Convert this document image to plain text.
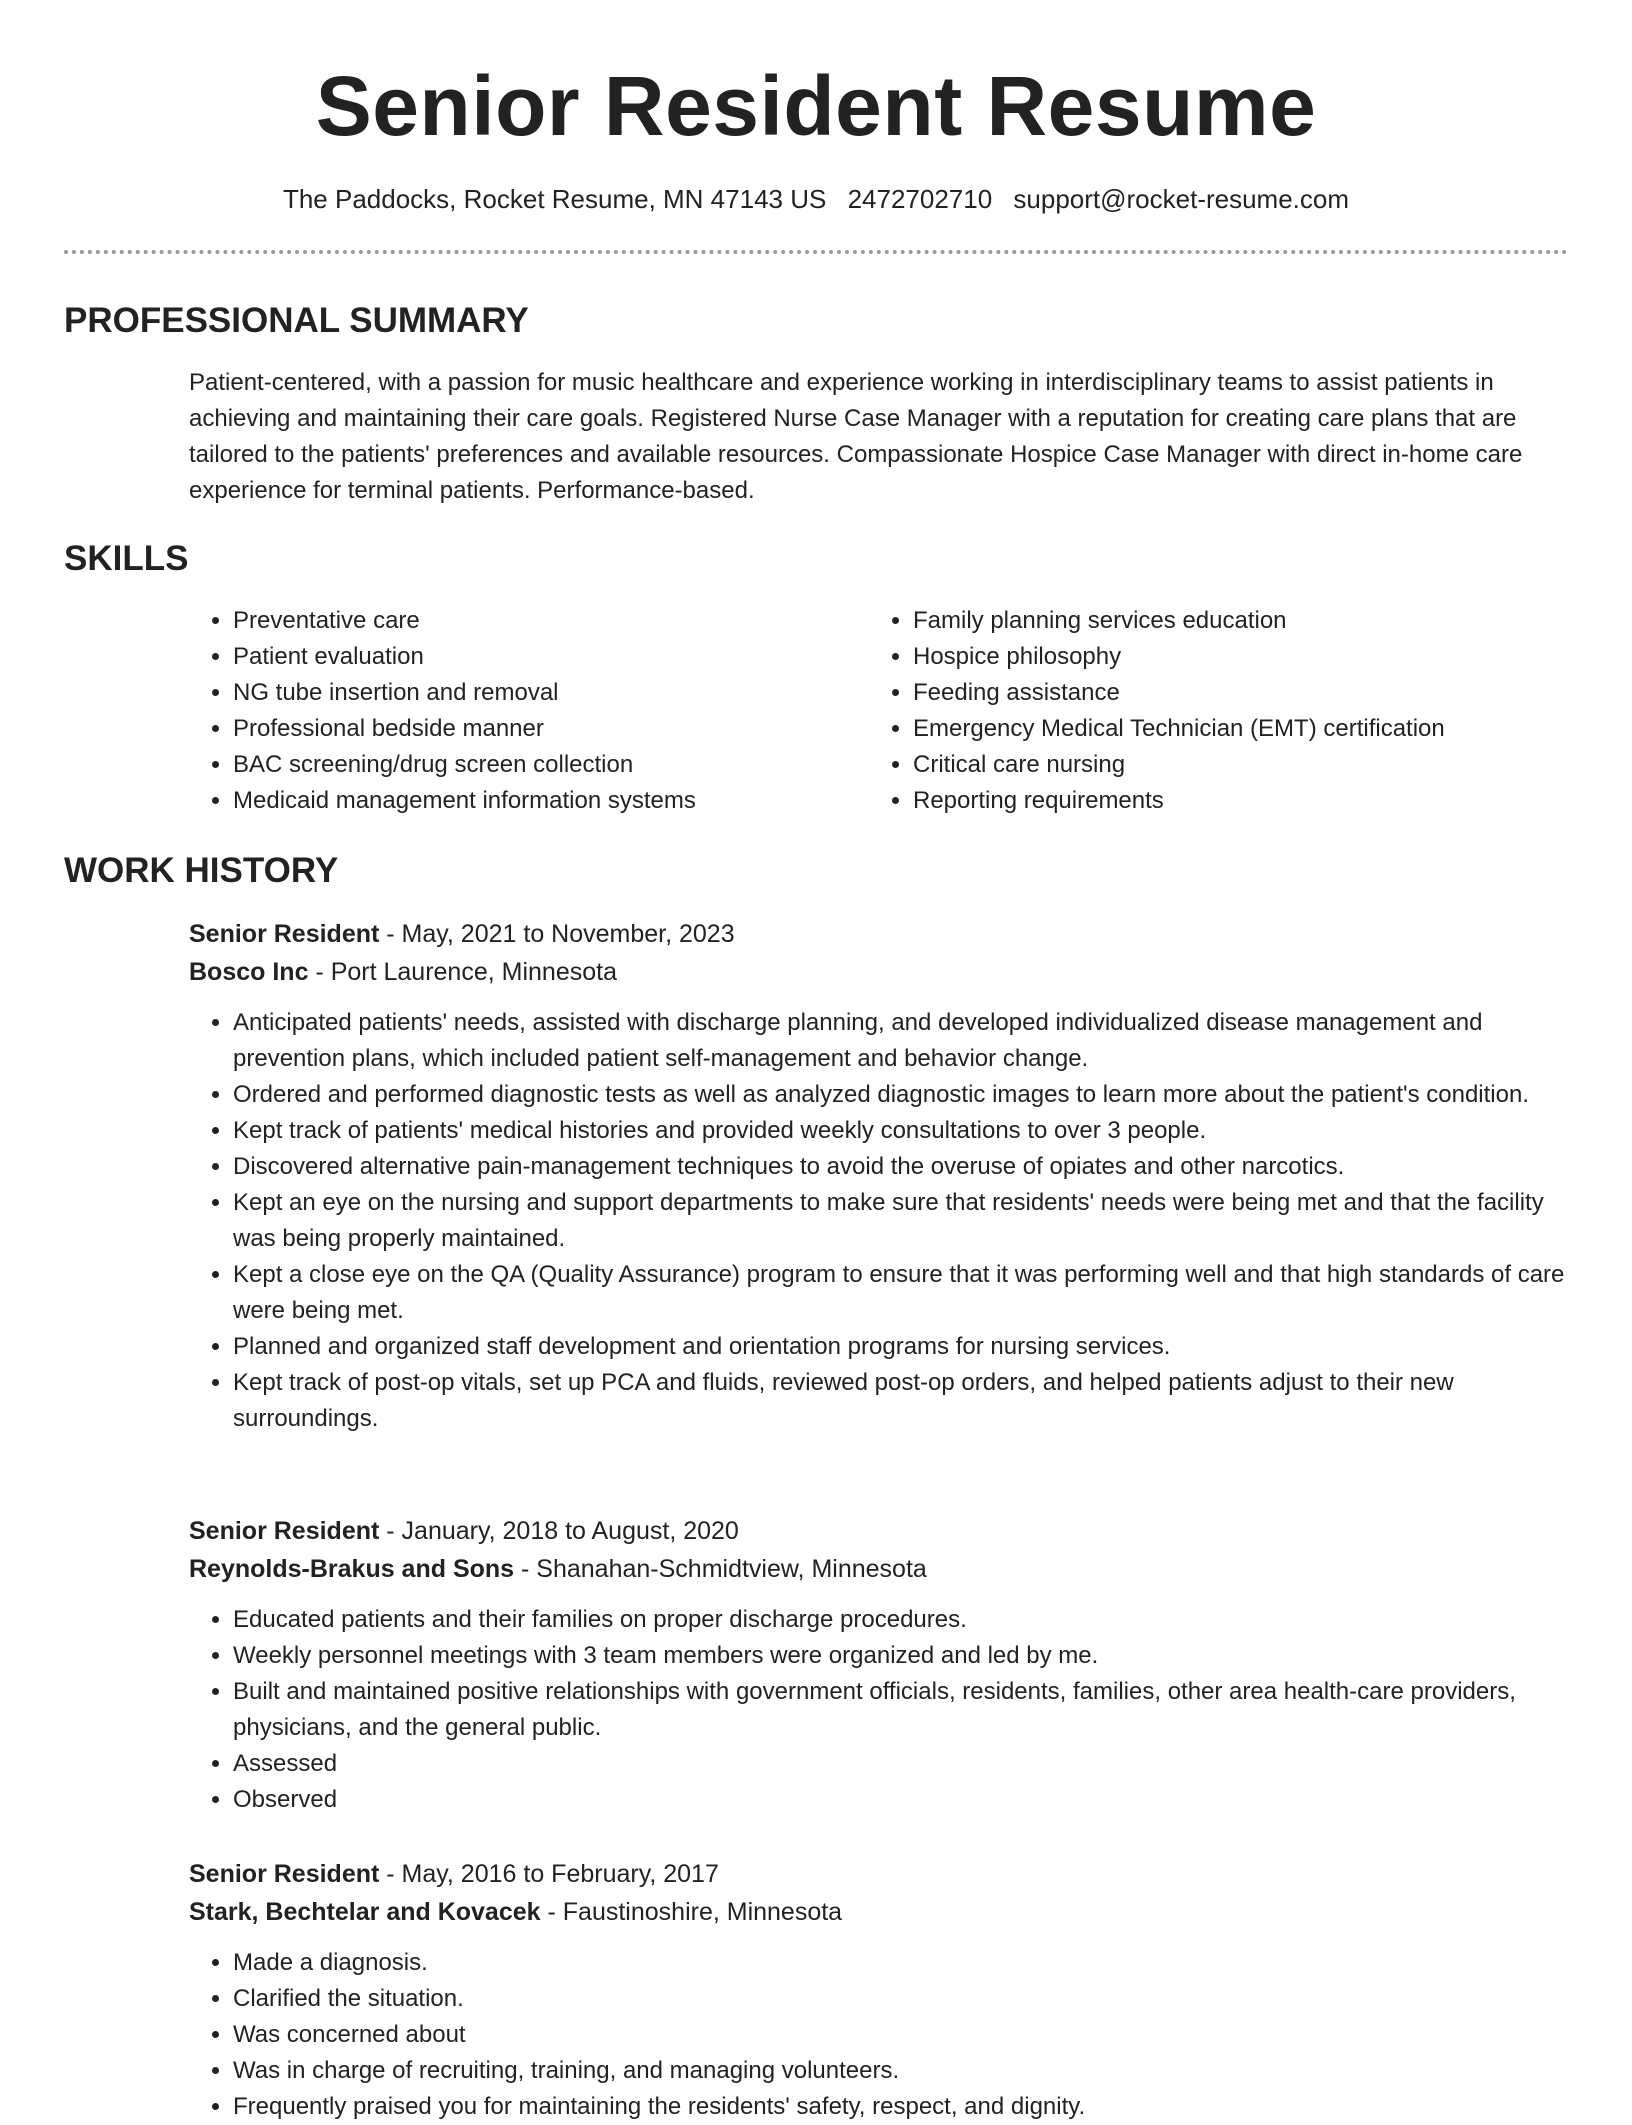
Senior Resident Resume
The Paddocks, Rocket Resume, MN 47143 US 2472702710 support@rocket-resume.com
PROFESSIONAL SUMMARY

Patient-centered, with a passion for music healthcare and experience working in interdisciplinary teams to assist patients in achieving and maintaining their care goals. Registered Nurse Case Manager with a reputation for creating care plans that are tailored to the patients' preferences and available resources. Compassionate Hospice Case Manager with direct in-home care experience for terminal patients. Performance-based.

SKILLS
• Preventative care
• Patient evaluation
• NG tube insertion and removal
• Professional bedside manner
• BAC screening/drug screen collection
• Medicaid management information systems
• Family planning services education
• Hospice philosophy
• Feeding assistance
• Emergency Medical Technician (EMT) certification
• Critical care nursing
• Reporting requirements
WORK HISTORY
Senior Resident - May, 2021 to November, 2023
Bosco Inc - Port Laurence, Minnesota
• Anticipated patients' needs, assisted with discharge planning, and developed individualized disease management and prevention plans, which included patient self-management and behavior change.
• Ordered and performed diagnostic tests as well as analyzed diagnostic images to learn more about the patient's condition.
• Kept track of patients' medical histories and provided weekly consultations to over 3 people.
• Discovered alternative pain-management techniques to avoid the overuse of opiates and other narcotics.
• Kept an eye on the nursing and support departments to make sure that residents' needs were being met and that the facility was being properly maintained.
• Kept a close eye on the QA (Quality Assurance) program to ensure that it was performing well and that high standards of care were being met.
• Planned and organized staff development and orientation programs for nursing services.
• Kept track of post-op vitals, set up PCA and fluids, reviewed post-op orders, and helped patients adjust to their new surroundings.
Senior Resident - January, 2018 to August, 2020
Reynolds-Brakus and Sons - Shanahan-Schmidtview, Minnesota
• Educated patients and their families on proper discharge procedures.
• Weekly personnel meetings with 3 team members were organized and led by me.
• Built and maintained positive relationships with government officials, residents, families, other area health-care providers, physicians, and the general public.
• Assessed
• Observed
Senior Resident - May, 2016 to February, 2017
Stark, Bechtelar and Kovacek - Faustinoshire, Minnesota
• Made a diagnosis.
• Clarified the situation.
• Was concerned about
• Was in charge of recruiting, training, and managing volunteers.
• Frequently praised you for maintaining the residents' safety, respect, and dignity.
